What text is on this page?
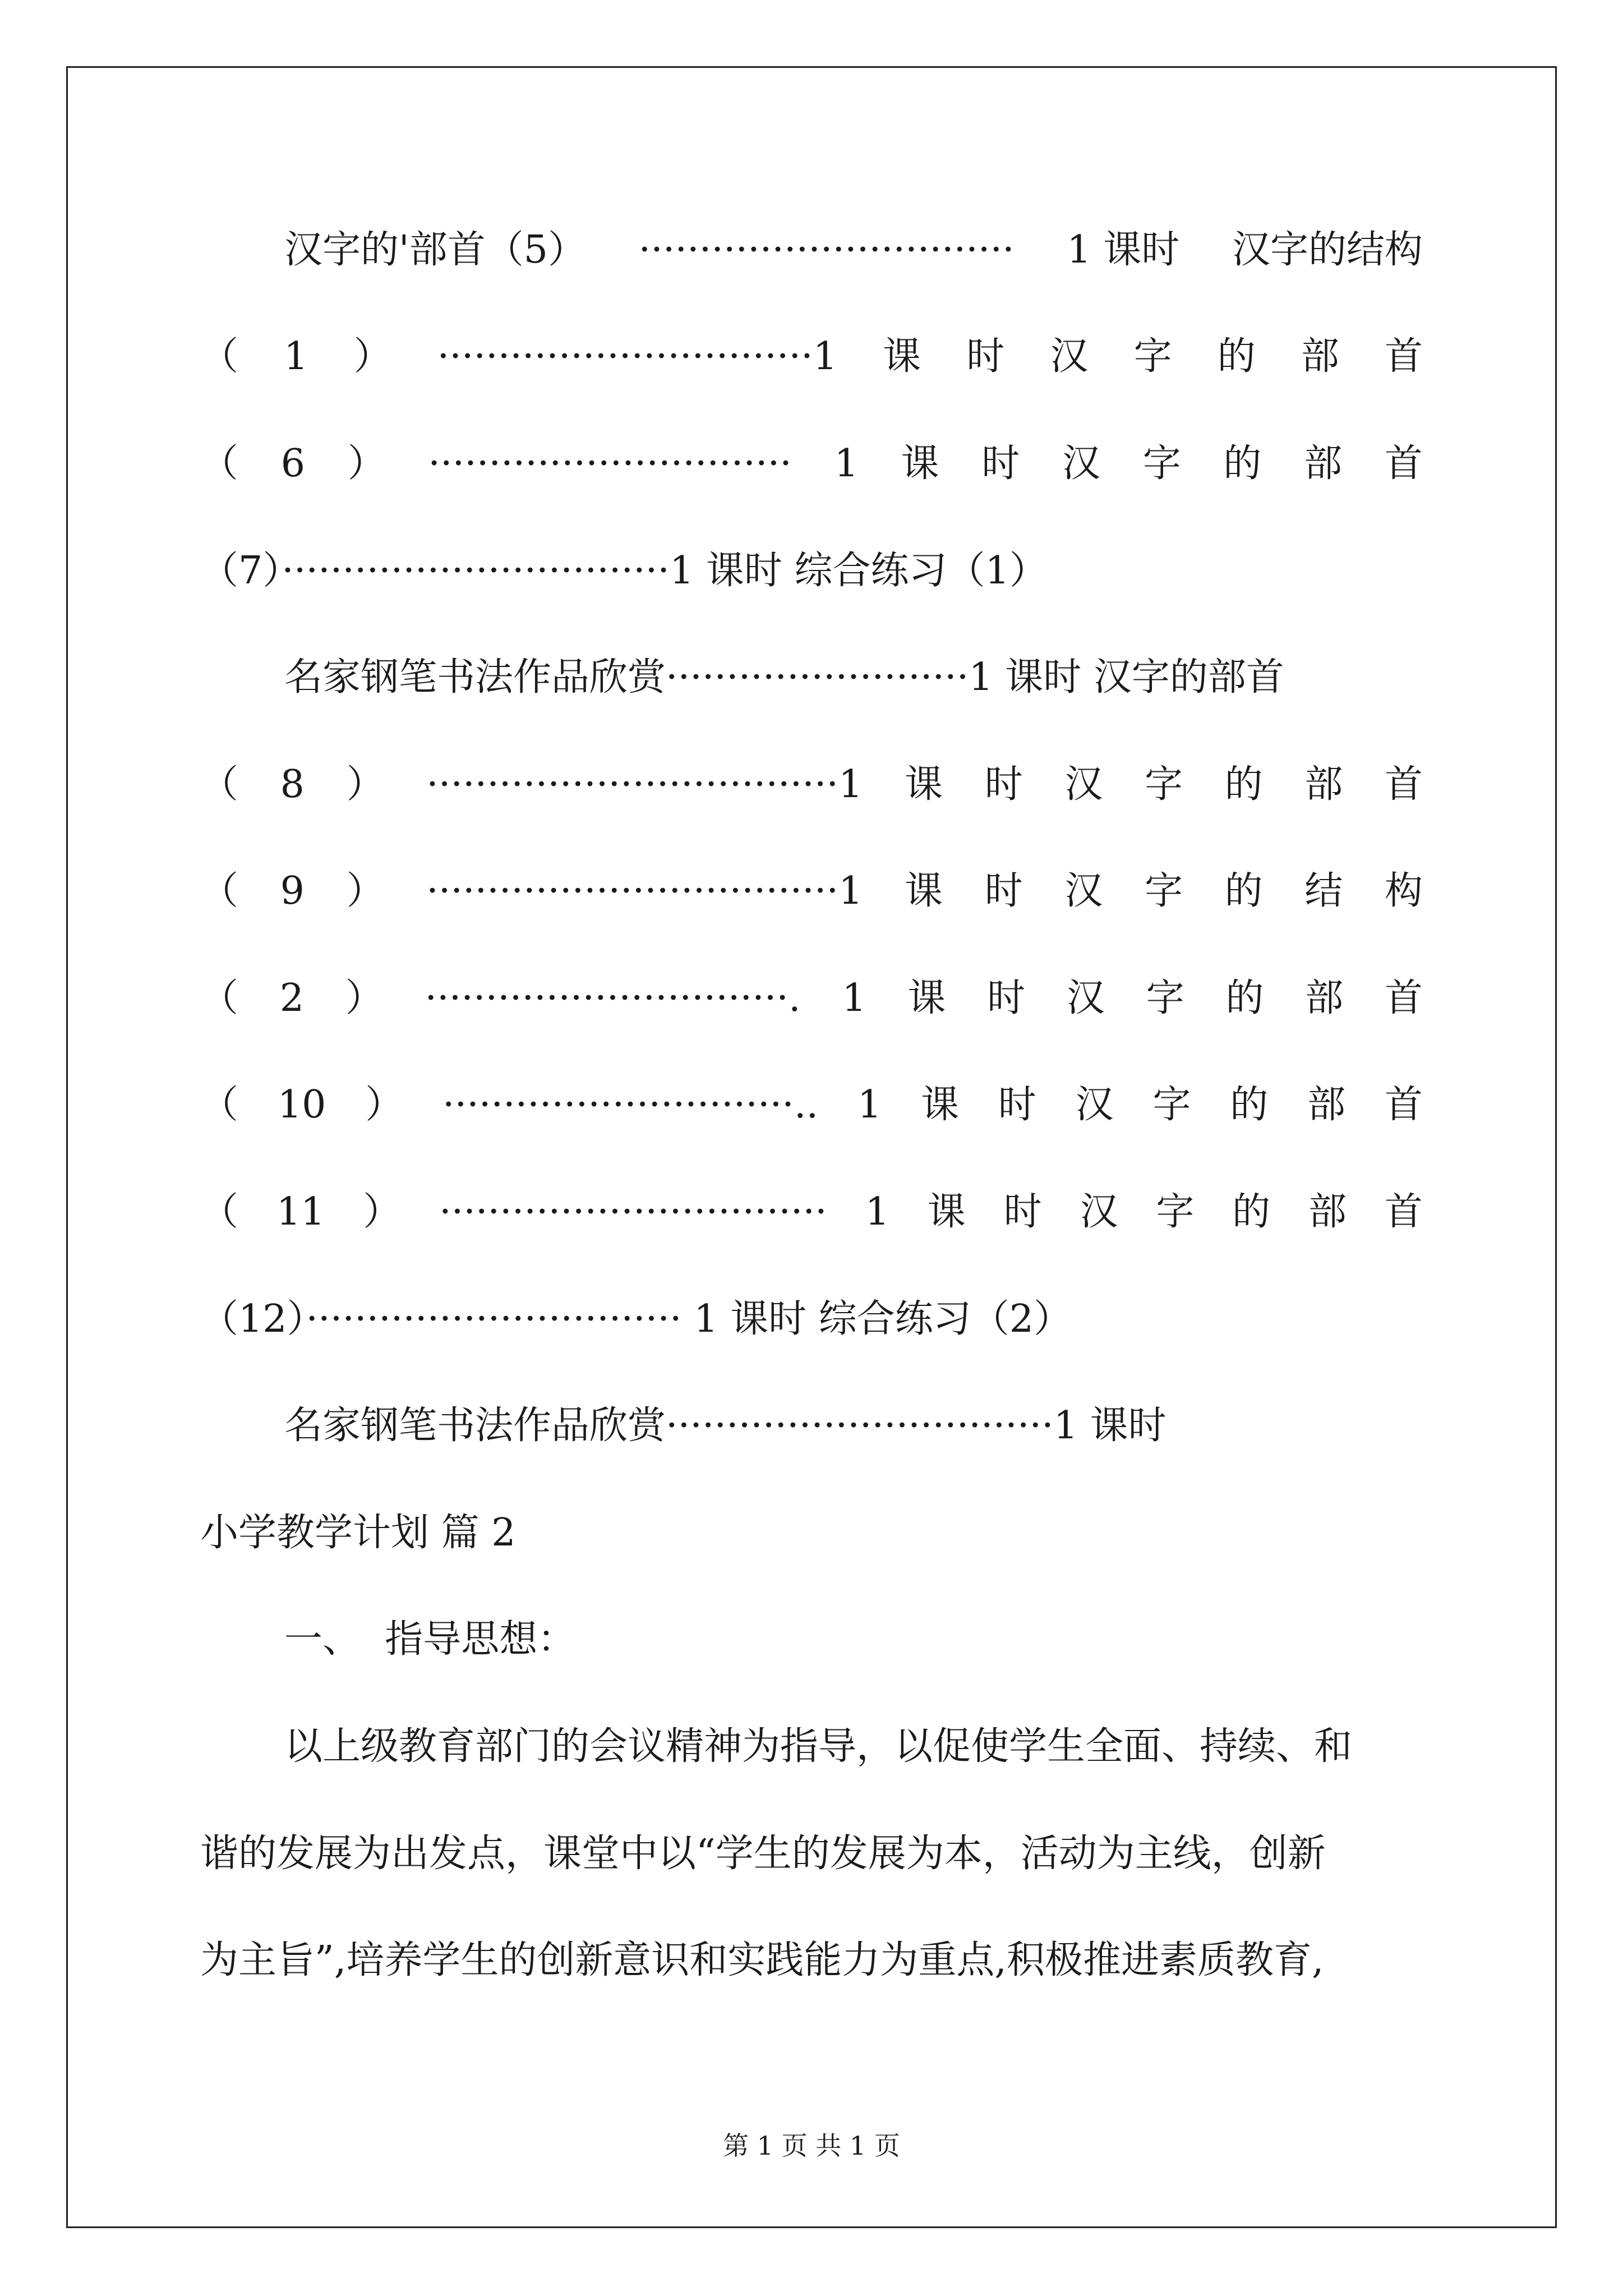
汉字的'部首（5） ······························· 1 课时 汉字的结构
（ 1 ） ·······························1 课 时 汉 字 的 部 首
（ 6 ） ······························ 1 课 时 汉 字 的 部 首
（7）································1 课时 综合练习（1）
名家钢笔书法作品欣赏·························1 课时 汉字的部首
（ 8 ） ··································1 课 时 汉 字 的 部 首
（ 9 ） ··································1 课 时 汉 字 的 结 构
（ 2 ） ······························. 1 课 时 汉 字 的 部 首
（ 10 ） ·····························.. 1 课 时 汉 字 的 部 首
（ 11 ） ································ 1 课 时 汉 字 的 部 首
（12）······························· 1 课时 综合练习（2）
名家钢笔书法作品欣赏································1 课时
小学教学计划 篇 2
一、  指导思想：
以上级教育部门的会议精神为指导，以促使学生全面、持续、和
谐的发展为出发点，课堂中以“学生的发展为本，活动为主线，创新
为主旨”,培养学生的创新意识和实践能力为重点,积极推进素质教育,
第 1 页 共 1 页
